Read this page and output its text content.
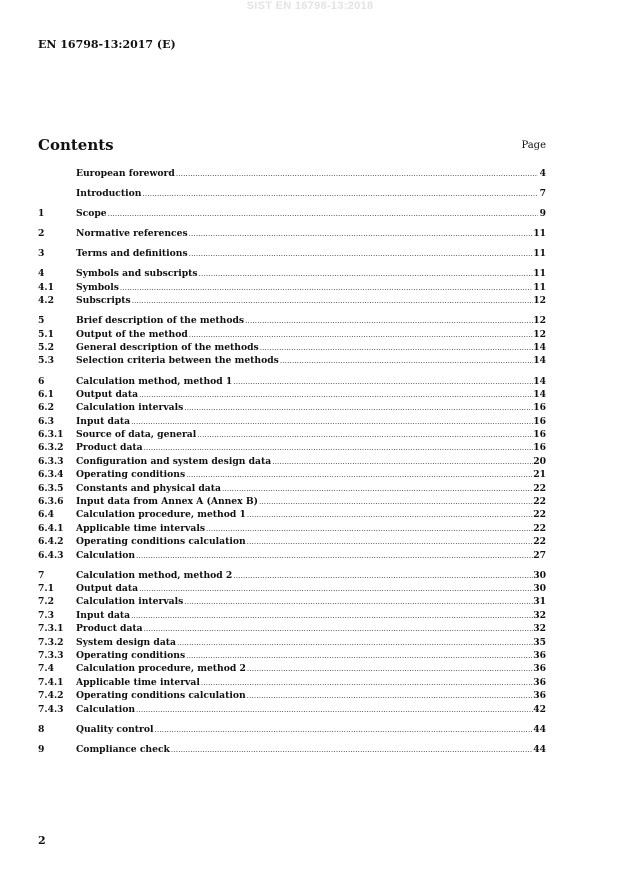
SIST EN 16798-13:2018
EN 16798-13:2017 (E)
Contents	Page
European foreword .....	4
Introduction .....	7
1	Scope .....	9
2	Normative references .....	11
3	Terms and definitions .....	11
4	Symbols and subscripts .....	11
4.1	Symbols .....	11
4.2	Subscripts .....	12
5	Brief description of the methods .....	12
5.1	Output of the method .....	12
5.2	General description of the methods .....	14
5.3	Selection criteria between the methods .....	14
6	Calculation method, method 1 .....	14
6.1	Output data .....	14
6.2	Calculation intervals .....	16
6.3	Input data .....	16
6.3.1	Source of data, general .....	16
6.3.2	Product data .....	16
6.3.3	Configuration and system design data .....	20
6.3.4	Operating conditions .....	21
6.3.5	Constants and physical data .....	22
6.3.6	Input data from Annex A (Annex B) .....	22
6.4	Calculation procedure, method 1 .....	22
6.4.1	Applicable time intervals .....	22
6.4.2	Operating conditions calculation .....	22
6.4.3	Calculation .....	27
7	Calculation method, method 2 .....	30
7.1	Output data .....	30
7.2	Calculation intervals .....	31
7.3	Input data .....	32
7.3.1	Product data .....	32
7.3.2	System design data .....	35
7.3.3	Operating conditions .....	36
7.4	Calculation procedure, method 2 .....	36
7.4.1	Applicable time interval .....	36
7.4.2	Operating conditions calculation .....	36
7.4.3	Calculation .....	42
8	Quality control .....	44
9	Compliance check .....	44
2
